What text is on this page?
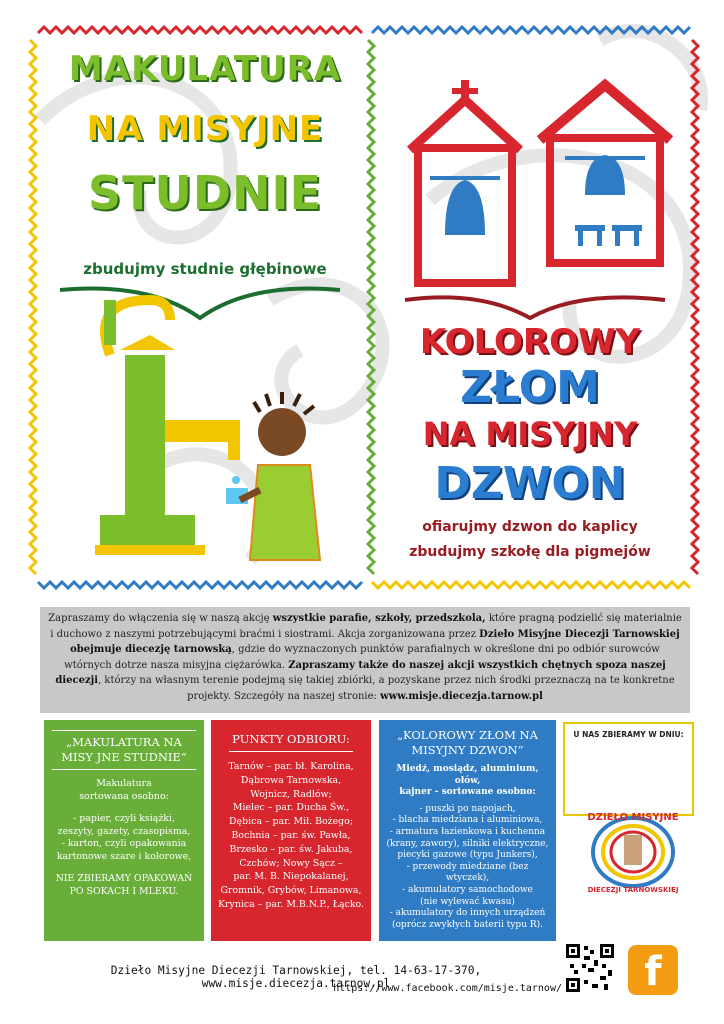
MAKULATURA
NA MISYJNE
STUDNIE
zbudujmy studnie głębinowe
KOLOROWY
ZŁOM
NA MISYJNY
DZWON
ofiarujmy dzwon do kaplicy
zbudujmy szkołę dla pigmejów
Zapraszamy do włączenia się w naszą akcję wszystkie parafie, szkoły, przedszkola, które pragną podzielić się materialnie i duchowo z naszymi potrzebującymi braćmi i siostrami. Akcja zorganizowana przez Dzieło Misyjne Diecezji Tarnowskiej obejmuje diecezję tarnowską, gdzie do wyznaczonych punktów parafialnych w określone dni po odbiór surowców wtórnych dotrze nasza misyjna ciężarówka. Zapraszamy także do naszej akcji wszystkich chętnych spoza naszej diecezji, którzy na własnym terenie podejmą się takiej zbiórki, a pozyskane przez nich środki przeznaczą na te konkretne projekty. Szczegóły na naszej stronie: www.misje.diecezja.tarnow.pl
„MAKULATURA NA MISY JNE STUDNIE”
Makulatura
sortowana osobno:
- papier, czyli książki,
zeszyty, gazety, czasopisma,
- karton, czyli opakowania
kartonowe szare i kolorowe,
NIE ZBIERAMY OPAKOWAŃ
PO SOKACH I MLEKU.
PUNKTY ODBIORU:
Tarnów – par. bł. Karolina,
Dąbrowa Tarnowska,
Wojnicz, Radłów;
Mielec – par. Ducha Św.,
Dębica – par. Mił. Bożego;
Bochnia – par. św. Pawła,
Brzesko – par. św. Jakuba,
Czchów; Nowy Sącz –
par. M. B. Niepokalanej,
Gromnik, Grybów, Limanowa,
Krynica – par. M.B.N.P., Łącko.
„KOLOROWY ZŁOM NA MISYJNY DZWON”
Miedź, mosiądz, aluminium, ołów,
kajner - sortowane osobno:
- puszki po napojach,
- blacha miedziana i aluminiowa,
- armatura łazienkowa i kuchenna
(krany, zawory), silniki elektryczne,
piecyki gazowe (typu Junkers),
- przewody miedziane (bez wtyczek),
- akumulatory samochodowe
(nie wylewać kwasu)
- akumulatory do innych urządzeń
(oprócz zwykłych baterii typu R).
U NAS ZBIERAMY W DNIU:
DZIEŁO MISYJNE
DIECEZJI TARNOWSKIEJ
Dzieło Misyjne Diecezji Tarnowskiej, tel. 14-63-17-370, www.misje.diecezja.tarnow.pl
https://www.facebook.com/misje.tarnow/	f
